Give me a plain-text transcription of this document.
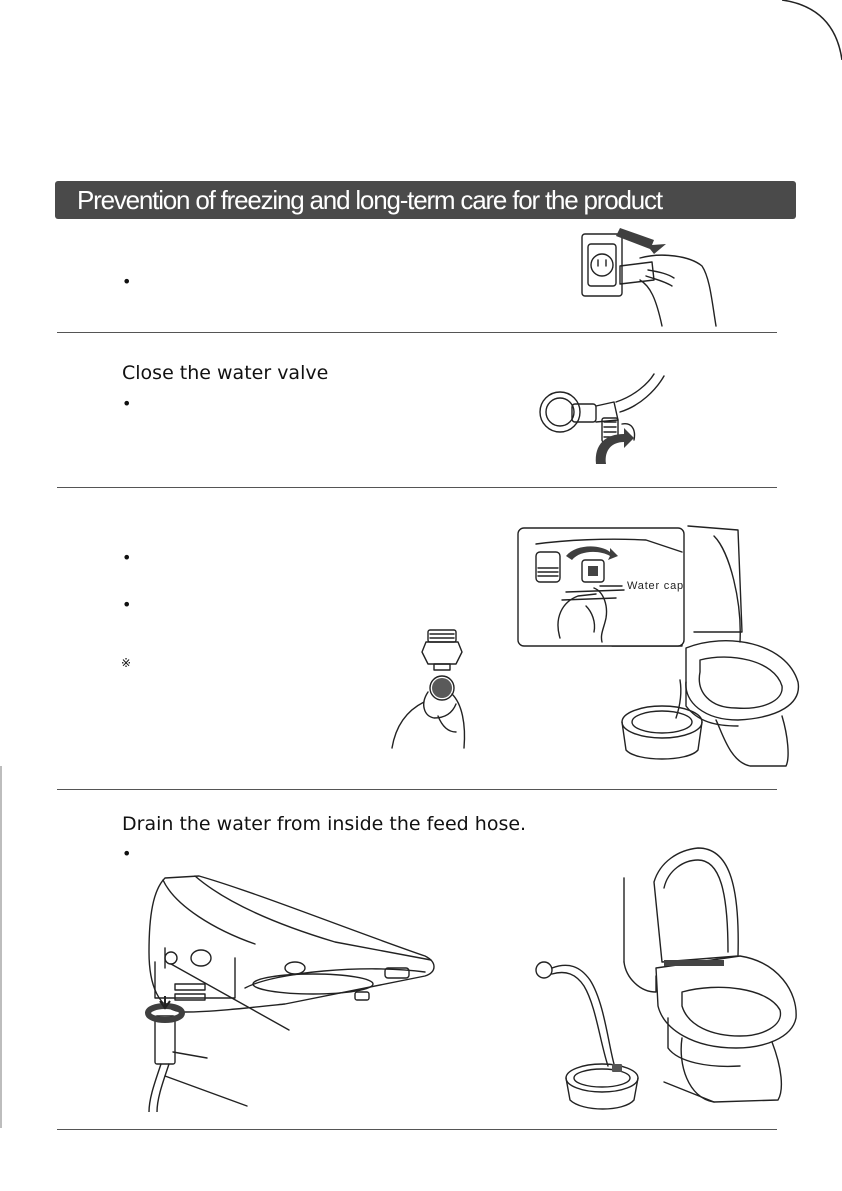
Prevention of freezing and long-term care for the product
•
Close the water valve
•
•
•
※
Water cap
Drain the water from inside the feed hose.
•
